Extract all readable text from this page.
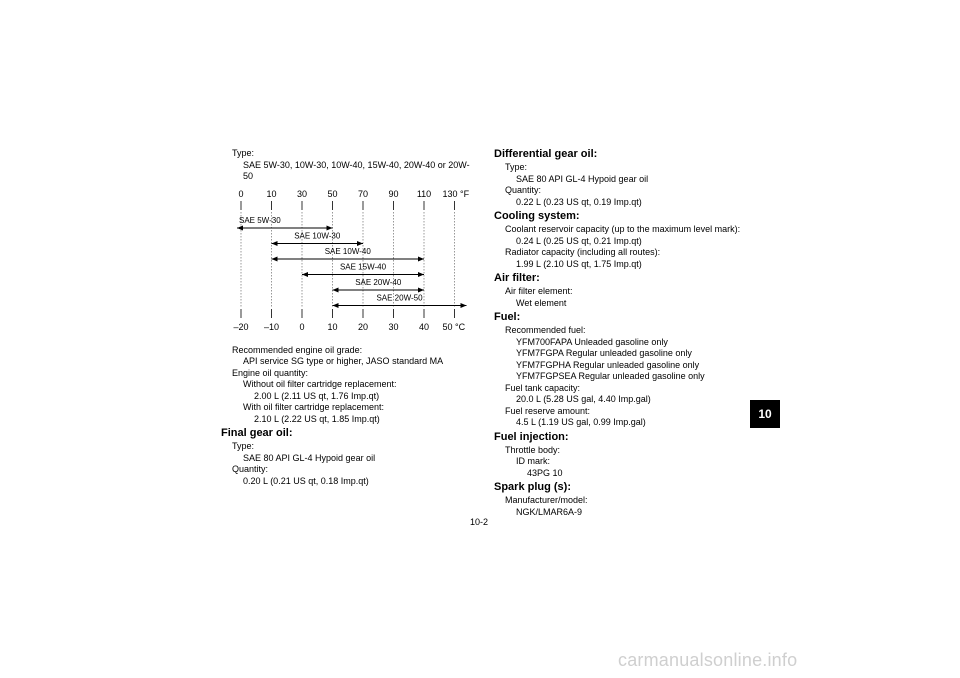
Type:
SAE 5W-30, 10W-30, 10W-40, 15W-40, 20W-40 or 20W-
50
0	10 30 50 70 90 110 130 °F
–20 –10 0	10 20 30 40 50 °C
SAE 5W-30
SAE 10W-30
SAE 10W-40
SAE 15W-40
SAE 20W-40
SAE 20W-50
Recommended engine oil grade:
API service SG type or higher, JASO standard MA
Engine oil quantity:
Without oil filter cartridge replacement:
2.00 L (2.11 US qt, 1.76 Imp.qt)
With oil filter cartridge replacement:
2.10 L (2.22 US qt, 1.85 Imp.qt)
Final gear oil:
Type:
SAE 80 API GL-4 Hypoid gear oil
Quantity:
0.20 L (0.21 US qt, 0.18 Imp.qt)
Differential gear oil:
Type:
SAE 80 API GL-4 Hypoid gear oil
Quantity:
0.22 L (0.23 US qt, 0.19 Imp.qt)
Cooling system:
Coolant reservoir capacity (up to the maximum level mark):
0.24 L (0.25 US qt, 0.21 Imp.qt)
Radiator capacity (including all routes):
1.99 L (2.10 US qt, 1.75 Imp.qt)
Air filter:
Air filter element:
Wet element
Fuel:
Recommended fuel:
YFM700FAPA Unleaded gasoline only
YFM7FGPA Regular unleaded gasoline only
YFM7FGPHA Regular unleaded gasoline only
YFM7FGPSEA Regular unleaded gasoline only
Fuel tank capacity:
20.0 L (5.28 US gal, 4.40 Imp.gal)
Fuel reserve amount:
4.5 L (1.19 US gal, 0.99 Imp.gal)
Fuel injection:
Throttle body:
ID mark:
43PG 10
Spark plug (s):
Manufacturer/model:
NGK/LMAR6A-9
10
10-2
carmanualsonline.info
